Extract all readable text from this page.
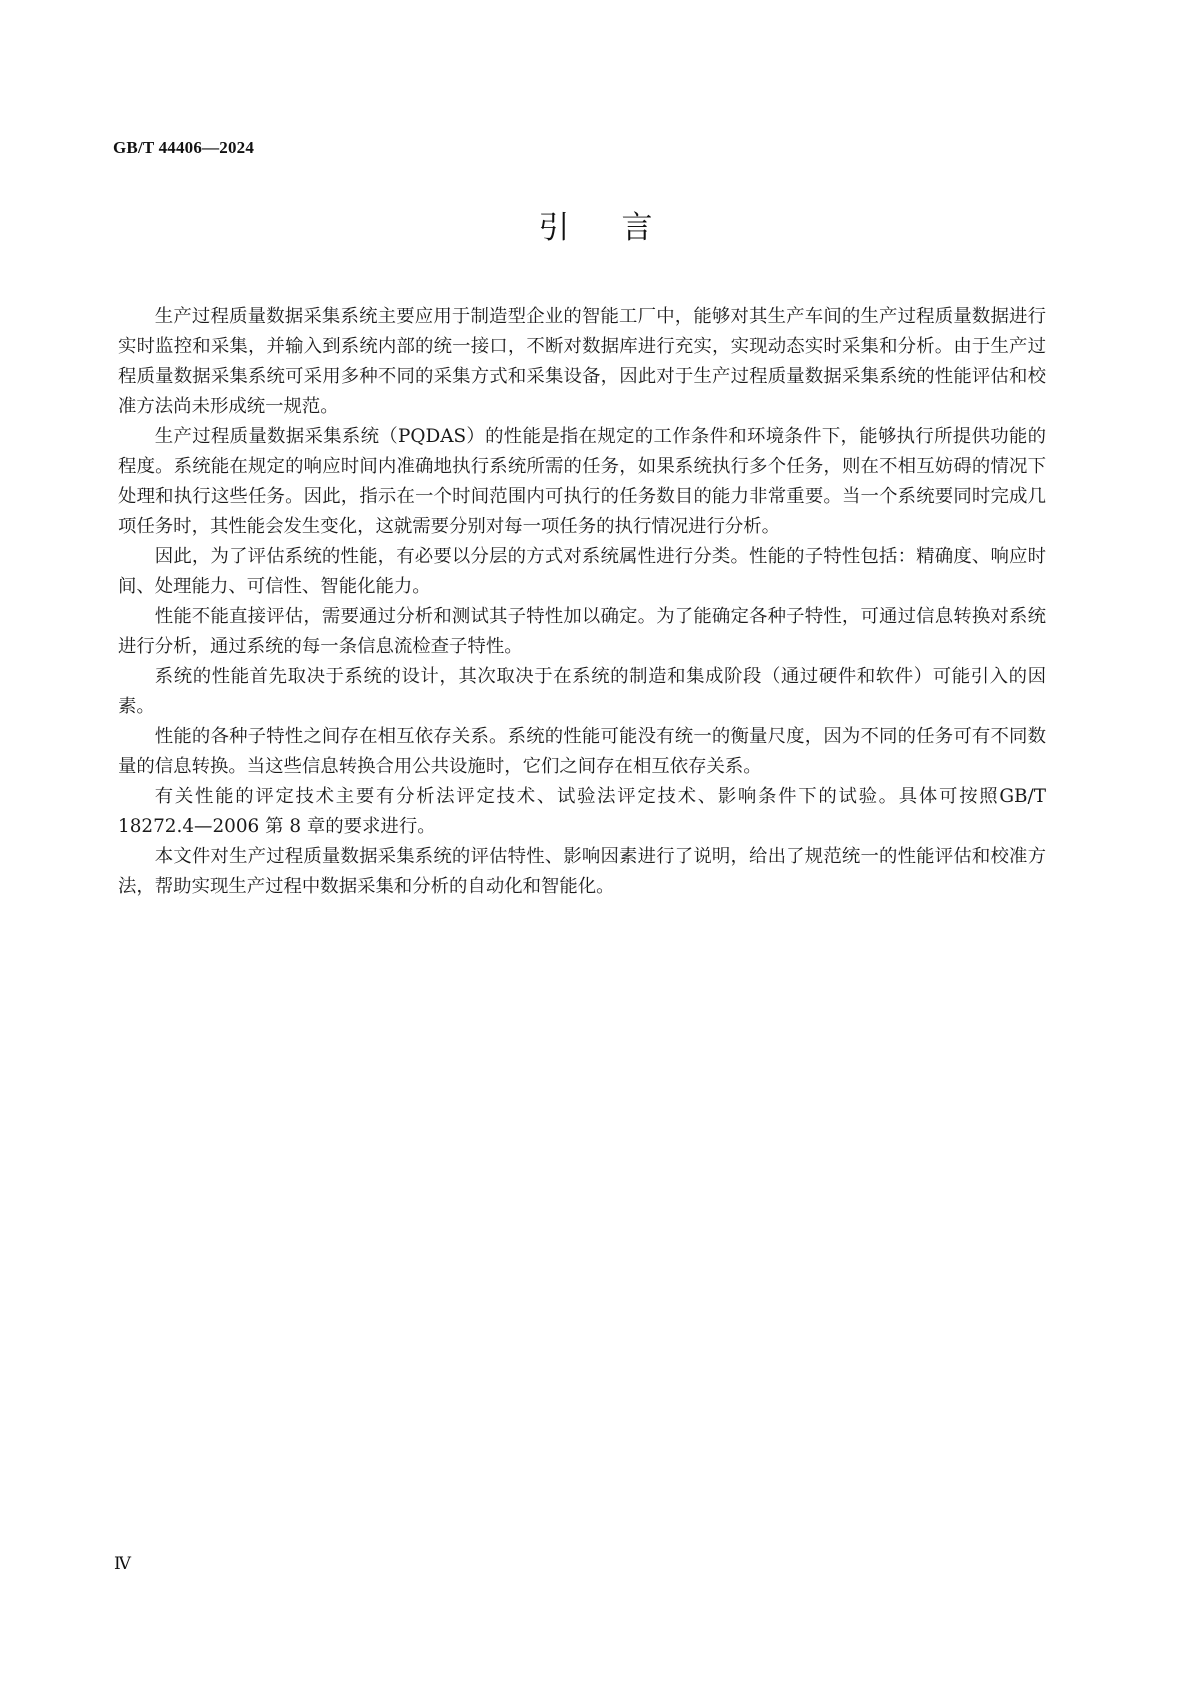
GB/T 44406—2024
引言

生产过程质量数据采集系统主要应用于制造型企业的智能工厂中，能够对其生产车间的生产过程质量数据进行实时监控和采集，并输入到系统内部的统一接口，不断对数据库进行充实，实现动态实时采集和分析。由于生产过程质量数据采集系统可采用多种不同的采集方式和采集设备，因此对于生产过程质量数据采集系统的性能评估和校准方法尚未形成统一规范。

生产过程质量数据采集系统（PQDAS）的性能是指在规定的工作条件和环境条件下，能够执行所提供功能的程度。系统能在规定的响应时间内准确地执行系统所需的任务，如果系统执行多个任务，则在不相互妨碍的情况下处理和执行这些任务。因此，指示在一个时间范围内可执行的任务数目的能力非常重要。当一个系统要同时完成几项任务时，其性能会发生变化，这就需要分别对每一项任务的执行情况进行分析。

因此，为了评估系统的性能，有必要以分层的方式对系统属性进行分类。性能的子特性包括：精确度、响应时间、处理能力、可信性、智能化能力。

性能不能直接评估，需要通过分析和测试其子特性加以确定。为了能确定各种子特性，可通过信息转换对系统进行分析，通过系统的每一条信息流检查子特性。

系统的性能首先取决于系统的设计，其次取决于在系统的制造和集成阶段（通过硬件和软件）可能引入的因素。

性能的各种子特性之间存在相互依存关系。系统的性能可能没有统一的衡量尺度，因为不同的任务可有不同数量的信息转换。当这些信息转换合用公共设施时，它们之间存在相互依存关系。

有关性能的评定技术主要有分析法评定技术、试验法评定技术、影响条件下的试验。具体可按照GB/T 18272.4—2006 第 8 章的要求进行。

本文件对生产过程质量数据采集系统的评估特性、影响因素进行了说明，给出了规范统一的性能评估和校准方法，帮助实现生产过程中数据采集和分析的自动化和智能化。

Ⅳ
